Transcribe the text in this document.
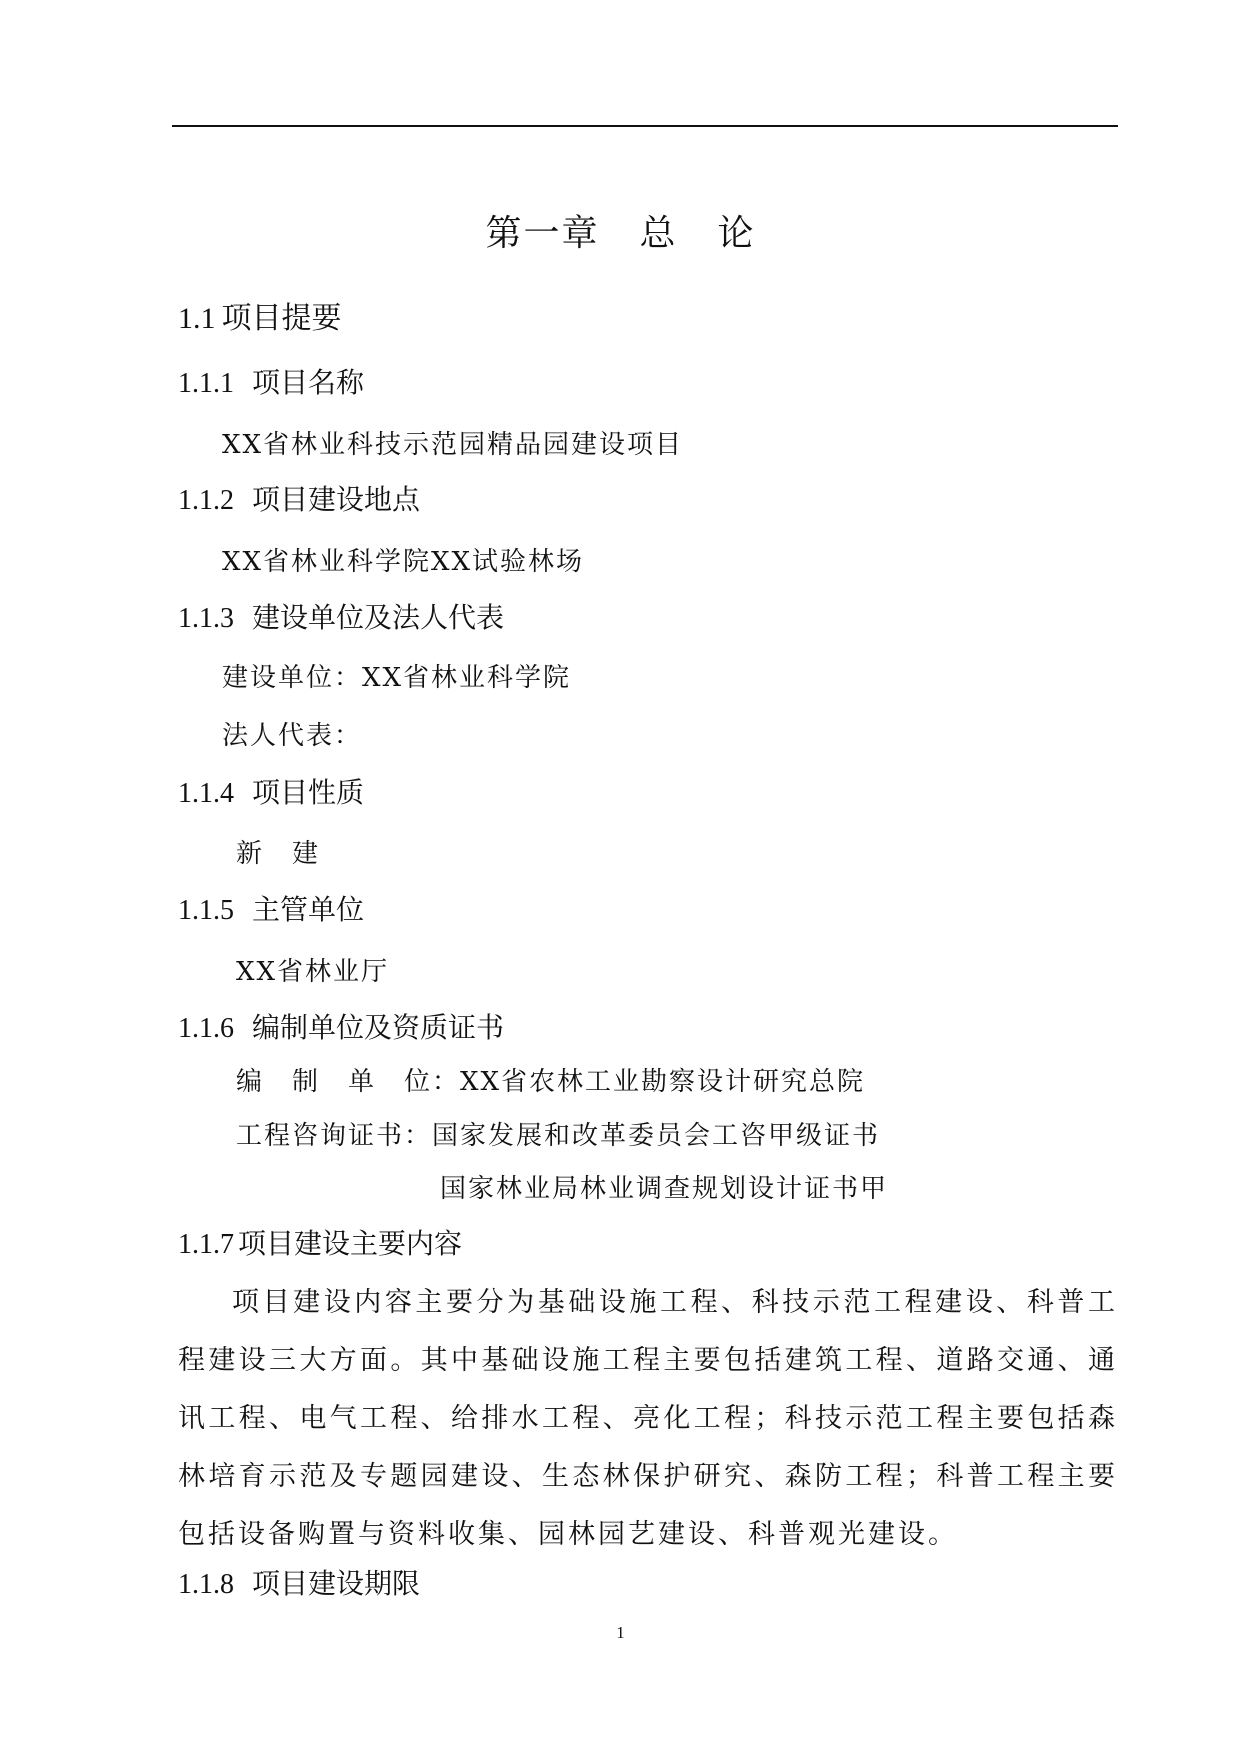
第一章 总 论
1.1 项目提要
1.1.1 项目名称
XX省林业科技示范园精品园建设项目
1.1.2 项目建设地点
XX省林业科学院XX试验林场
1.1.3 建设单位及法人代表
建设单位：XX省林业科学院
法人代表：
1.1.4 项目性质
新　建
1.1.5 主管单位
XX省林业厅
1.1.6 编制单位及资质证书
编　制　单　位：XX省农林工业勘察设计研究总院
工程咨询证书：国家发展和改革委员会工咨甲级证书
国家林业局林业调查规划设计证书甲
1.1.7 项目建设主要内容
项目建设内容主要分为基础设施工程、科技示范工程建设、科普工程建设三大方面。其中基础设施工程主要包括建筑工程、道路交通、通讯工程、电气工程、给排水工程、亮化工程；科技示范工程主要包括森林培育示范及专题园建设、生态林保护研究、森防工程；科普工程主要包括设备购置与资料收集、园林园艺建设、科普观光建设。
1.1.8 项目建设期限
1
